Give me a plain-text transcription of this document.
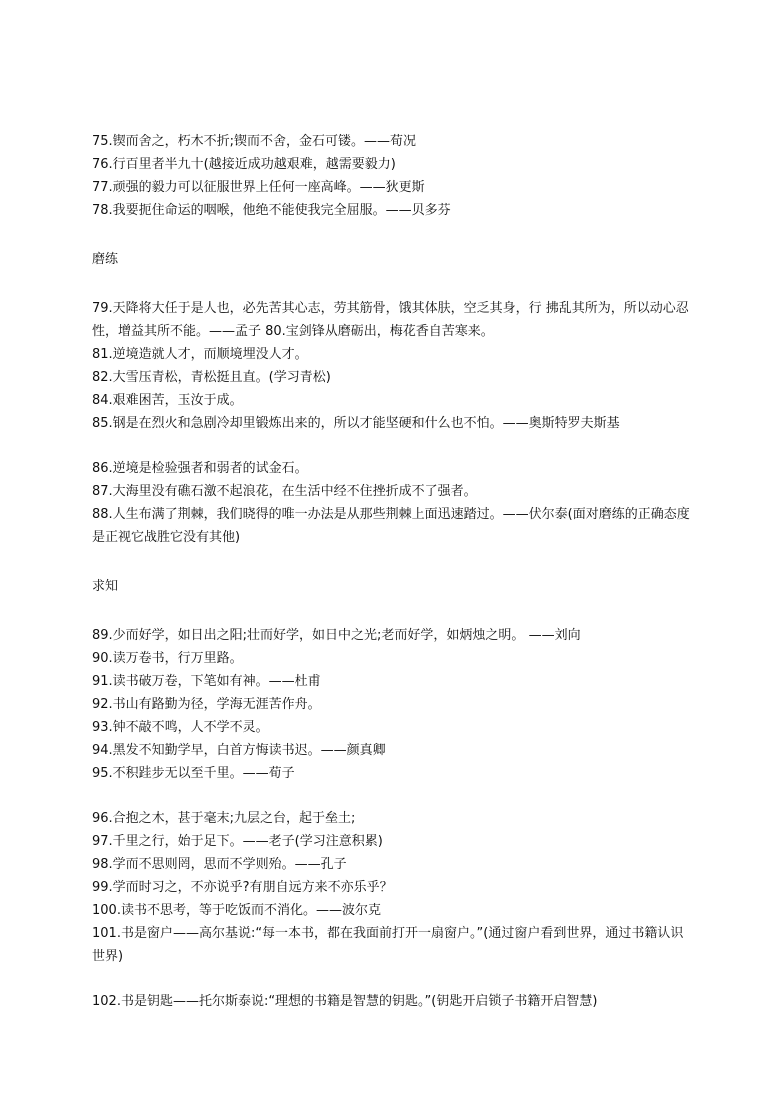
75.锲而舍之，朽木不折;锲而不舍，金石可镂。——荀况

76.行百里者半九十(越接近成功越艰难，越需要毅力)

77.顽强的毅力可以征服世界上任何一座高峰。——狄更斯

78.我要扼住命运的咽喉，他绝不能使我完全屈服。——贝多芬

磨练

79.天降将大任于是人也，必先苦其心志，劳其筋骨，饿其体肤，空乏其身，行 拂乱其所为，所以动心忍性，增益其所不能。——孟子 80.宝剑锋从磨砺出，梅花香自苦寒来。

81.逆境造就人才，而顺境埋没人才。

82.大雪压青松，青松挺且直。(学习青松)

84.艰难困苦，玉汝于成。

85.钢是在烈火和急剧冷却里锻炼出来的，所以才能坚硬和什么也不怕。——奥斯特罗夫斯基

86.逆境是检验强者和弱者的试金石。

87.大海里没有礁石激不起浪花，在生活中经不住挫折成不了强者。

88.人生布满了荆棘，我们晓得的唯一办法是从那些荆棘上面迅速踏过。——伏尔泰(面对磨练的正确态度是正视它战胜它没有其他)

求知

89.少而好学，如日出之阳;壮而好学，如日中之光;老而好学，如炳烛之明。 ——刘向

90.读万卷书，行万里路。

91.读书破万卷，下笔如有神。——杜甫

92.书山有路勤为径，学海无涯苦作舟。

93.钟不敲不鸣，人不学不灵。

94.黑发不知勤学早，白首方悔读书迟。——颜真卿

95.不积跬步无以至千里。——荀子

96.合抱之木，甚于毫末;九层之台，起于垒土;

97.千里之行，始于足下。——老子(学习注意积累)

98.学而不思则罔，思而不学则殆。——孔子

99.学而时习之，不亦说乎?有朋自远方来不亦乐乎？

100.读书不思考，等于吃饭而不消化。——波尔克

101.书是窗户——高尔基说:“每一本书，都在我面前打开一扇窗户。”(通过窗户看到世界，通过书籍认识世界)

102.书是钥匙——托尔斯泰说:“理想的书籍是智慧的钥匙。”(钥匙开启锁子书籍开启智慧)
